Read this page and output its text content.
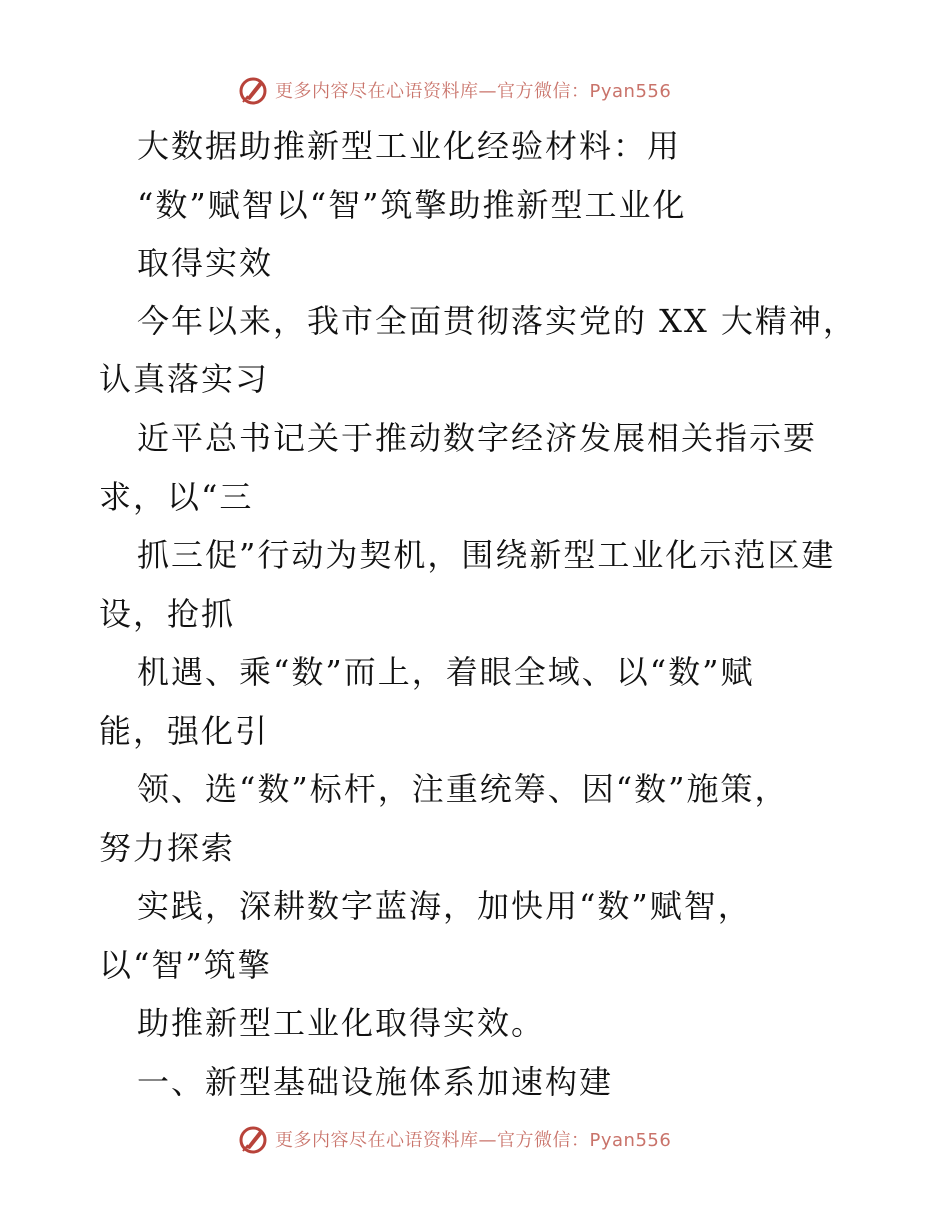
更多内容尽在心语资料库—官方微信：Pyan556
大数据助推新型工业化经验材料：用
“数”赋智以“智”筑擎助推新型工业化
取得实效
今年以来，我市全面贯彻落实党的 XX 大精神，
认真落实习
近平总书记关于推动数字经济发展相关指示要
求，以“三
抓三促”行动为契机，围绕新型工业化示范区建
设，抢抓
机遇、乘“数”而上，着眼全域、以“数”赋
能，强化引
领、选“数”标杆，注重统筹、因“数”施策，
努力探索
实践，深耕数字蓝海，加快用“数”赋智，
以“智”筑擎
助推新型工业化取得实效。
一、新型基础设施体系加速构建
更多内容尽在心语资料库—官方微信：Pyan556
